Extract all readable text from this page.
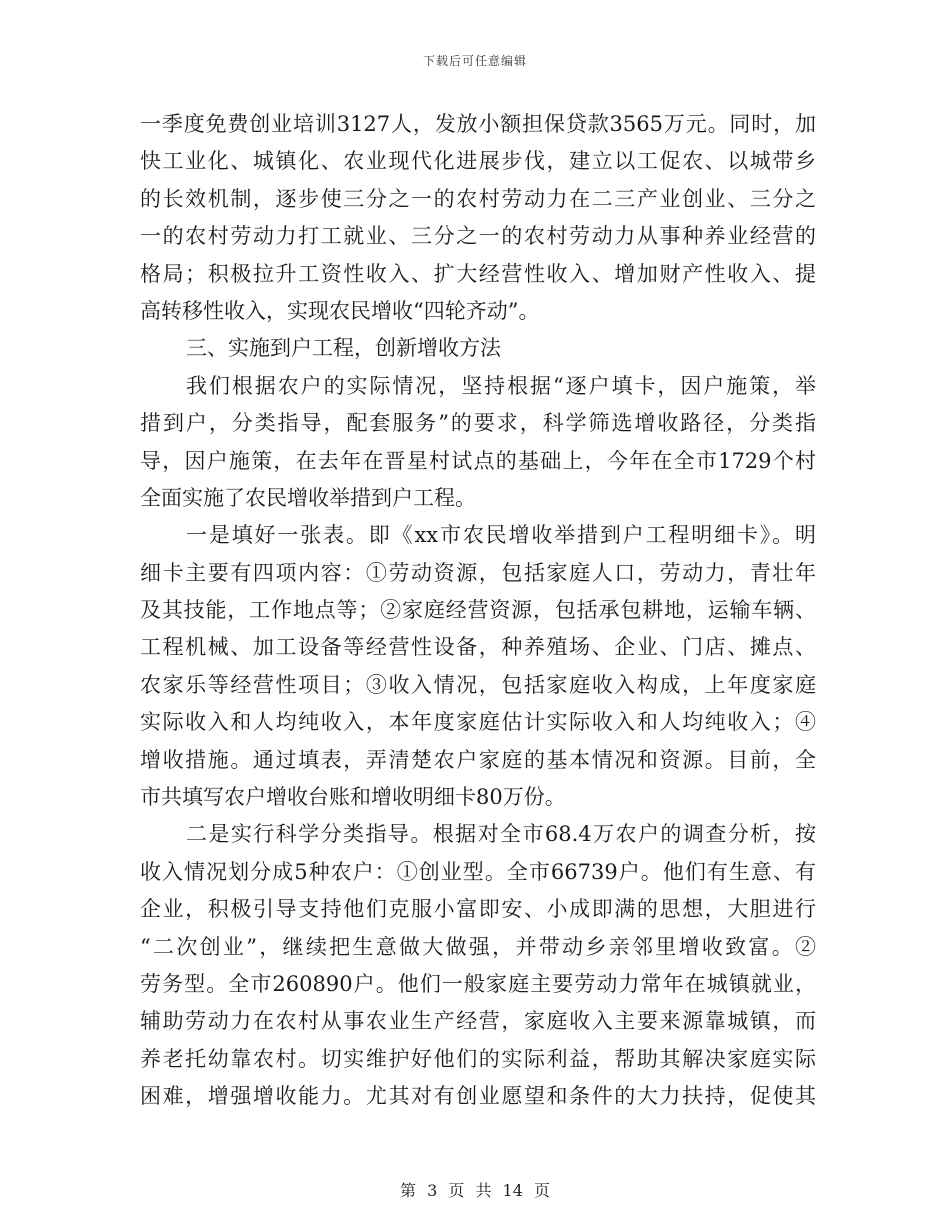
下载后可任意编辑
一季度免费创业培训3127人，发放小额担保贷款3565万元。同时，加
快工业化、城镇化、农业现代化进展步伐，建立以工促农、以城带乡
的长效机制，逐步使三分之一的农村劳动力在二三产业创业、三分之
一的农村劳动力打工就业、三分之一的农村劳动力从事种养业经营的
格局；积极拉升工资性收入、扩大经营性收入、增加财产性收入、提
高转移性收入，实现农民增收“四轮齐动”。
三、实施到户工程，创新增收方法
我们根据农户的实际情况，坚持根据“逐户填卡，因户施策，举
措到户，分类指导，配套服务”的要求，科学筛选增收路径，分类指
导，因户施策，在去年在晋星村试点的基础上，今年在全市1729个村
全面实施了农民增收举措到户工程。
一是填好一张表。即《xx市农民增收举措到户工程明细卡》。明
细卡主要有四项内容：①劳动资源，包括家庭人口，劳动力，青壮年
及其技能，工作地点等；②家庭经营资源，包括承包耕地，运输车辆、
工程机械、加工设备等经营性设备，种养殖场、企业、门店、摊点、
农家乐等经营性项目；③收入情况，包括家庭收入构成，上年度家庭
实际收入和人均纯收入，本年度家庭估计实际收入和人均纯收入；④
增收措施。通过填表，弄清楚农户家庭的基本情况和资源。目前，全
市共填写农户增收台账和增收明细卡80万份。
二是实行科学分类指导。根据对全市68.4万农户的调查分析，按
收入情况划分成5种农户：①创业型。全市66739户。他们有生意、有
企业，积极引导支持他们克服小富即安、小成即满的思想，大胆进行
“二次创业”，继续把生意做大做强，并带动乡亲邻里增收致富。②
劳务型。全市260890户。他们一般家庭主要劳动力常年在城镇就业，
辅助劳动力在农村从事农业生产经营，家庭收入主要来源靠城镇，而
养老托幼靠农村。切实维护好他们的实际利益，帮助其解决家庭实际
困难，增强增收能力。尤其对有创业愿望和条件的大力扶持，促使其
第 3 页 共 14 页
